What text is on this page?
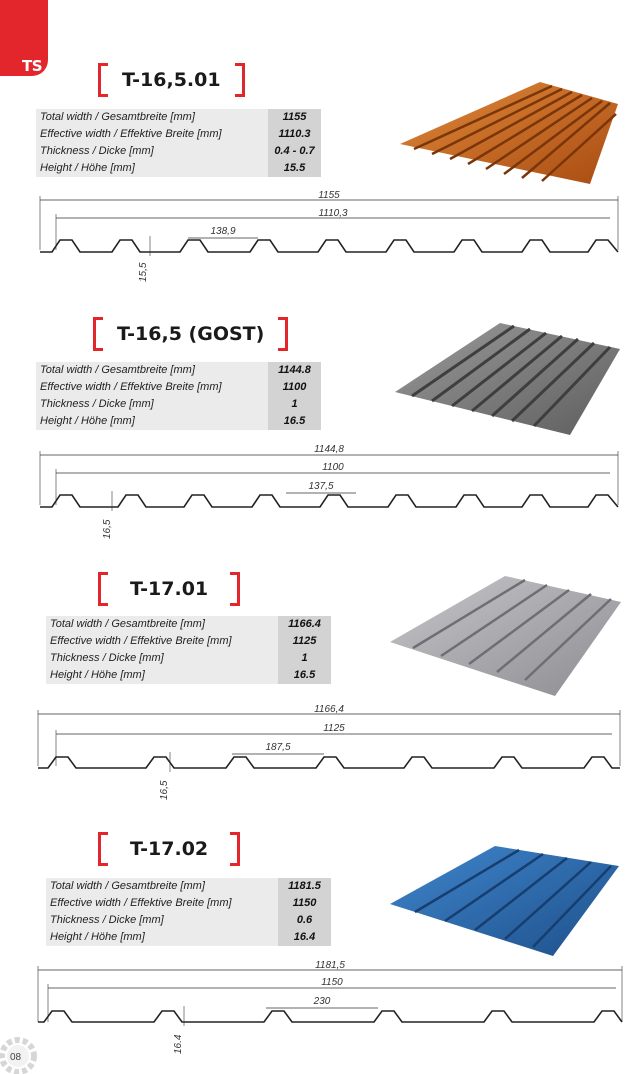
TS
T-16,5.01
Total width / Gesamtbreite [mm]	1155
Effective width / Effektive Breite [mm]	1110.3
Thickness / Dicke [mm]	0.4 - 0.7
Height / Höhe [mm]	15.5
1155
1110,3
138,9
15,5
T-16,5 (GOST)
Total width / Gesamtbreite [mm]	1144.8
Effective width / Effektive Breite [mm]	1100
Thickness / Dicke [mm]	1
Height / Höhe [mm]	16.5
1144,8
1100
137,5
16,5
T-17.01
Total width / Gesamtbreite [mm]	1166.4
Effective width / Effektive Breite [mm]	1125
Thickness / Dicke [mm]	1
Height / Höhe [mm]	16.5
1166,4
1125
187,5
16,5
T-17.02
Total width / Gesamtbreite [mm]	1181.5
Effective width / Effektive Breite [mm]	1150
Thickness / Dicke [mm]	0.6
Height / Höhe [mm]	16.4
1181,5
1150
230
16.4
08
